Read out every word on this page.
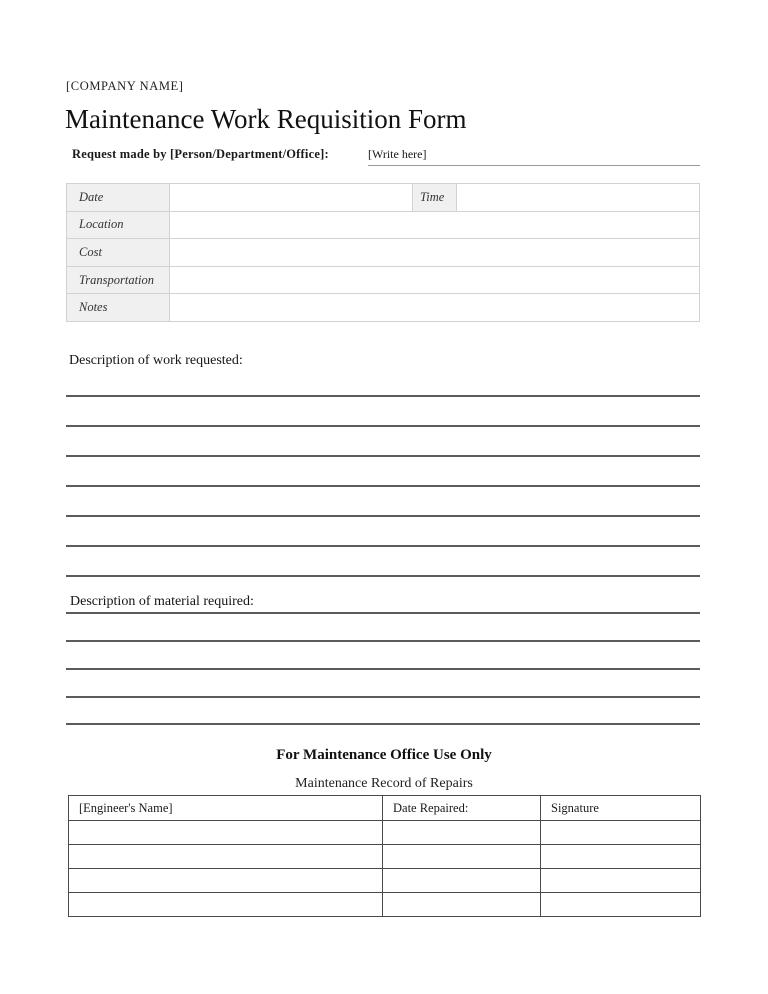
[COMPANY NAME]
Maintenance Work Requisition Form
Request made by [Person/Department/Office]:	[Write here]
Date		Time	
Location			
Cost			
Transportation			
Notes			
Description of work requested:
Description of material required:
For Maintenance Office Use Only
Maintenance Record of Repairs
[Engineer's Name]	Date Repaired:	Signature
